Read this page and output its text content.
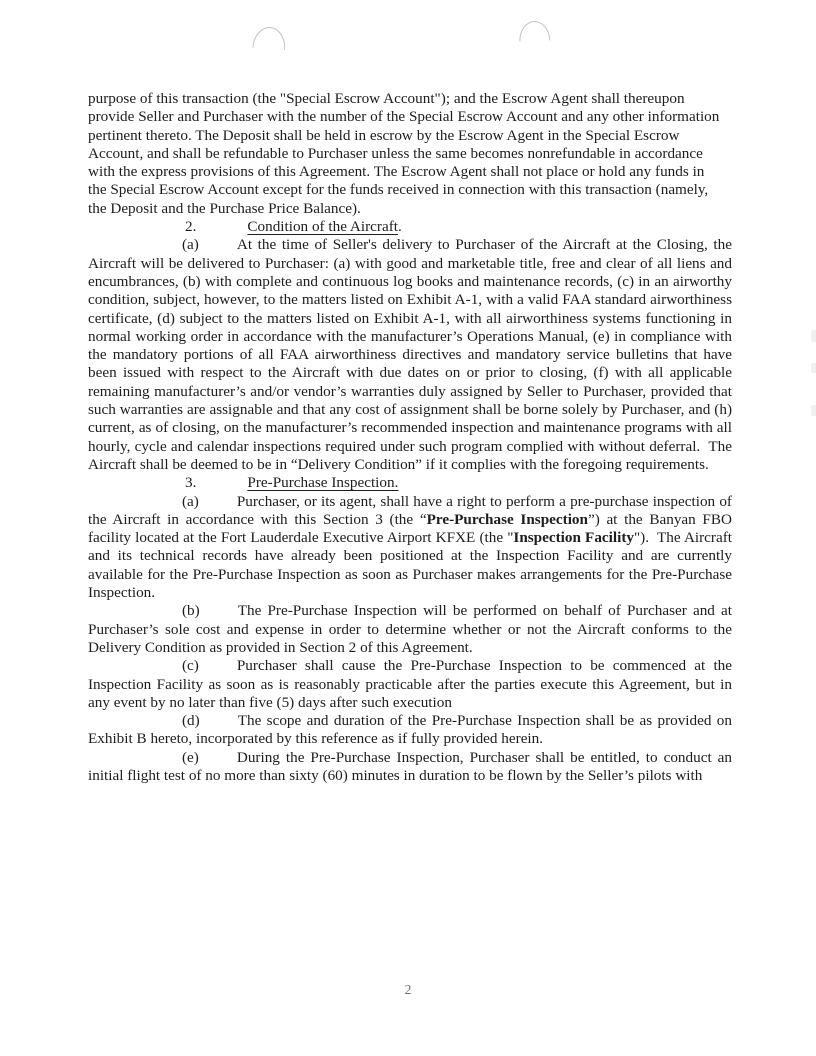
purpose of this transaction (the "Special Escrow Account"); and the Escrow Agent shall thereupon provide Seller and Purchaser with the number of the Special Escrow Account and any other information pertinent thereto. The Deposit shall be held in escrow by the Escrow Agent in the Special Escrow Account, and shall be refundable to Purchaser unless the same becomes nonrefundable in accordance with the express provisions of this Agreement. The Escrow Agent shall not place or hold any funds in the Special Escrow Account except for the funds received in connection with this transaction (namely, the Deposit and the Purchase Price Balance).

2.	Condition of the Aircraft.

(a)	At the time of Seller's delivery to Purchaser of the Aircraft at the Closing, the Aircraft will be delivered to Purchaser: (a) with good and marketable title, free and clear of all liens and encumbrances, (b) with complete and continuous log books and maintenance records, (c) in an airworthy condition, subject, however, to the matters listed on Exhibit A-1, with a valid FAA standard airworthiness certificate, (d) subject to the matters listed on Exhibit A-1, with all airworthiness systems functioning in normal working order in accordance with the manufacturer’s Operations Manual, (e) in compliance with the mandatory portions of all FAA airworthiness directives and mandatory service bulletins that have been issued with respect to the Aircraft with due dates on or prior to closing, (f) with all applicable remaining manufacturer’s and/or vendor’s warranties duly assigned by Seller to Purchaser, provided that such warranties are assignable and that any cost of assignment shall be borne solely by Purchaser, and (h) current, as of closing, on the manufacturer’s recommended inspection and maintenance programs with all hourly, cycle and calendar inspections required under such program complied with without deferral.  The Aircraft shall be deemed to be in “Delivery Condition” if it complies with the foregoing requirements.

3.	Pre-Purchase Inspection.

(a)	Purchaser, or its agent, shall have a right to perform a pre-purchase inspection of the Aircraft in accordance with this Section 3 (the “Pre-Purchase Inspection”) at the Banyan FBO facility located at the Fort Lauderdale Executive Airport KFXE (the "Inspection Facility").  The Aircraft and its technical records have already been positioned at the Inspection Facility and are currently available for the Pre-Purchase Inspection as soon as Purchaser makes arrangements for the Pre-Purchase Inspection.

(b)	The Pre-Purchase Inspection will be performed on behalf of Purchaser and at Purchaser’s sole cost and expense in order to determine whether or not the Aircraft conforms to the Delivery Condition as provided in Section 2 of this Agreement.

(c)	Purchaser shall cause the Pre-Purchase Inspection to be commenced at the Inspection Facility as soon as is reasonably practicable after the parties execute this Agreement, but in any event by no later than five (5) days after such execution

(d)	The scope and duration of the Pre-Purchase Inspection shall be as provided on Exhibit B hereto, incorporated by this reference as if fully provided herein.

(e)	During the Pre-Purchase Inspection, Purchaser shall be entitled, to conduct an initial flight test of no more than sixty (60) minutes in duration to be flown by the Seller’s pilots with

2
